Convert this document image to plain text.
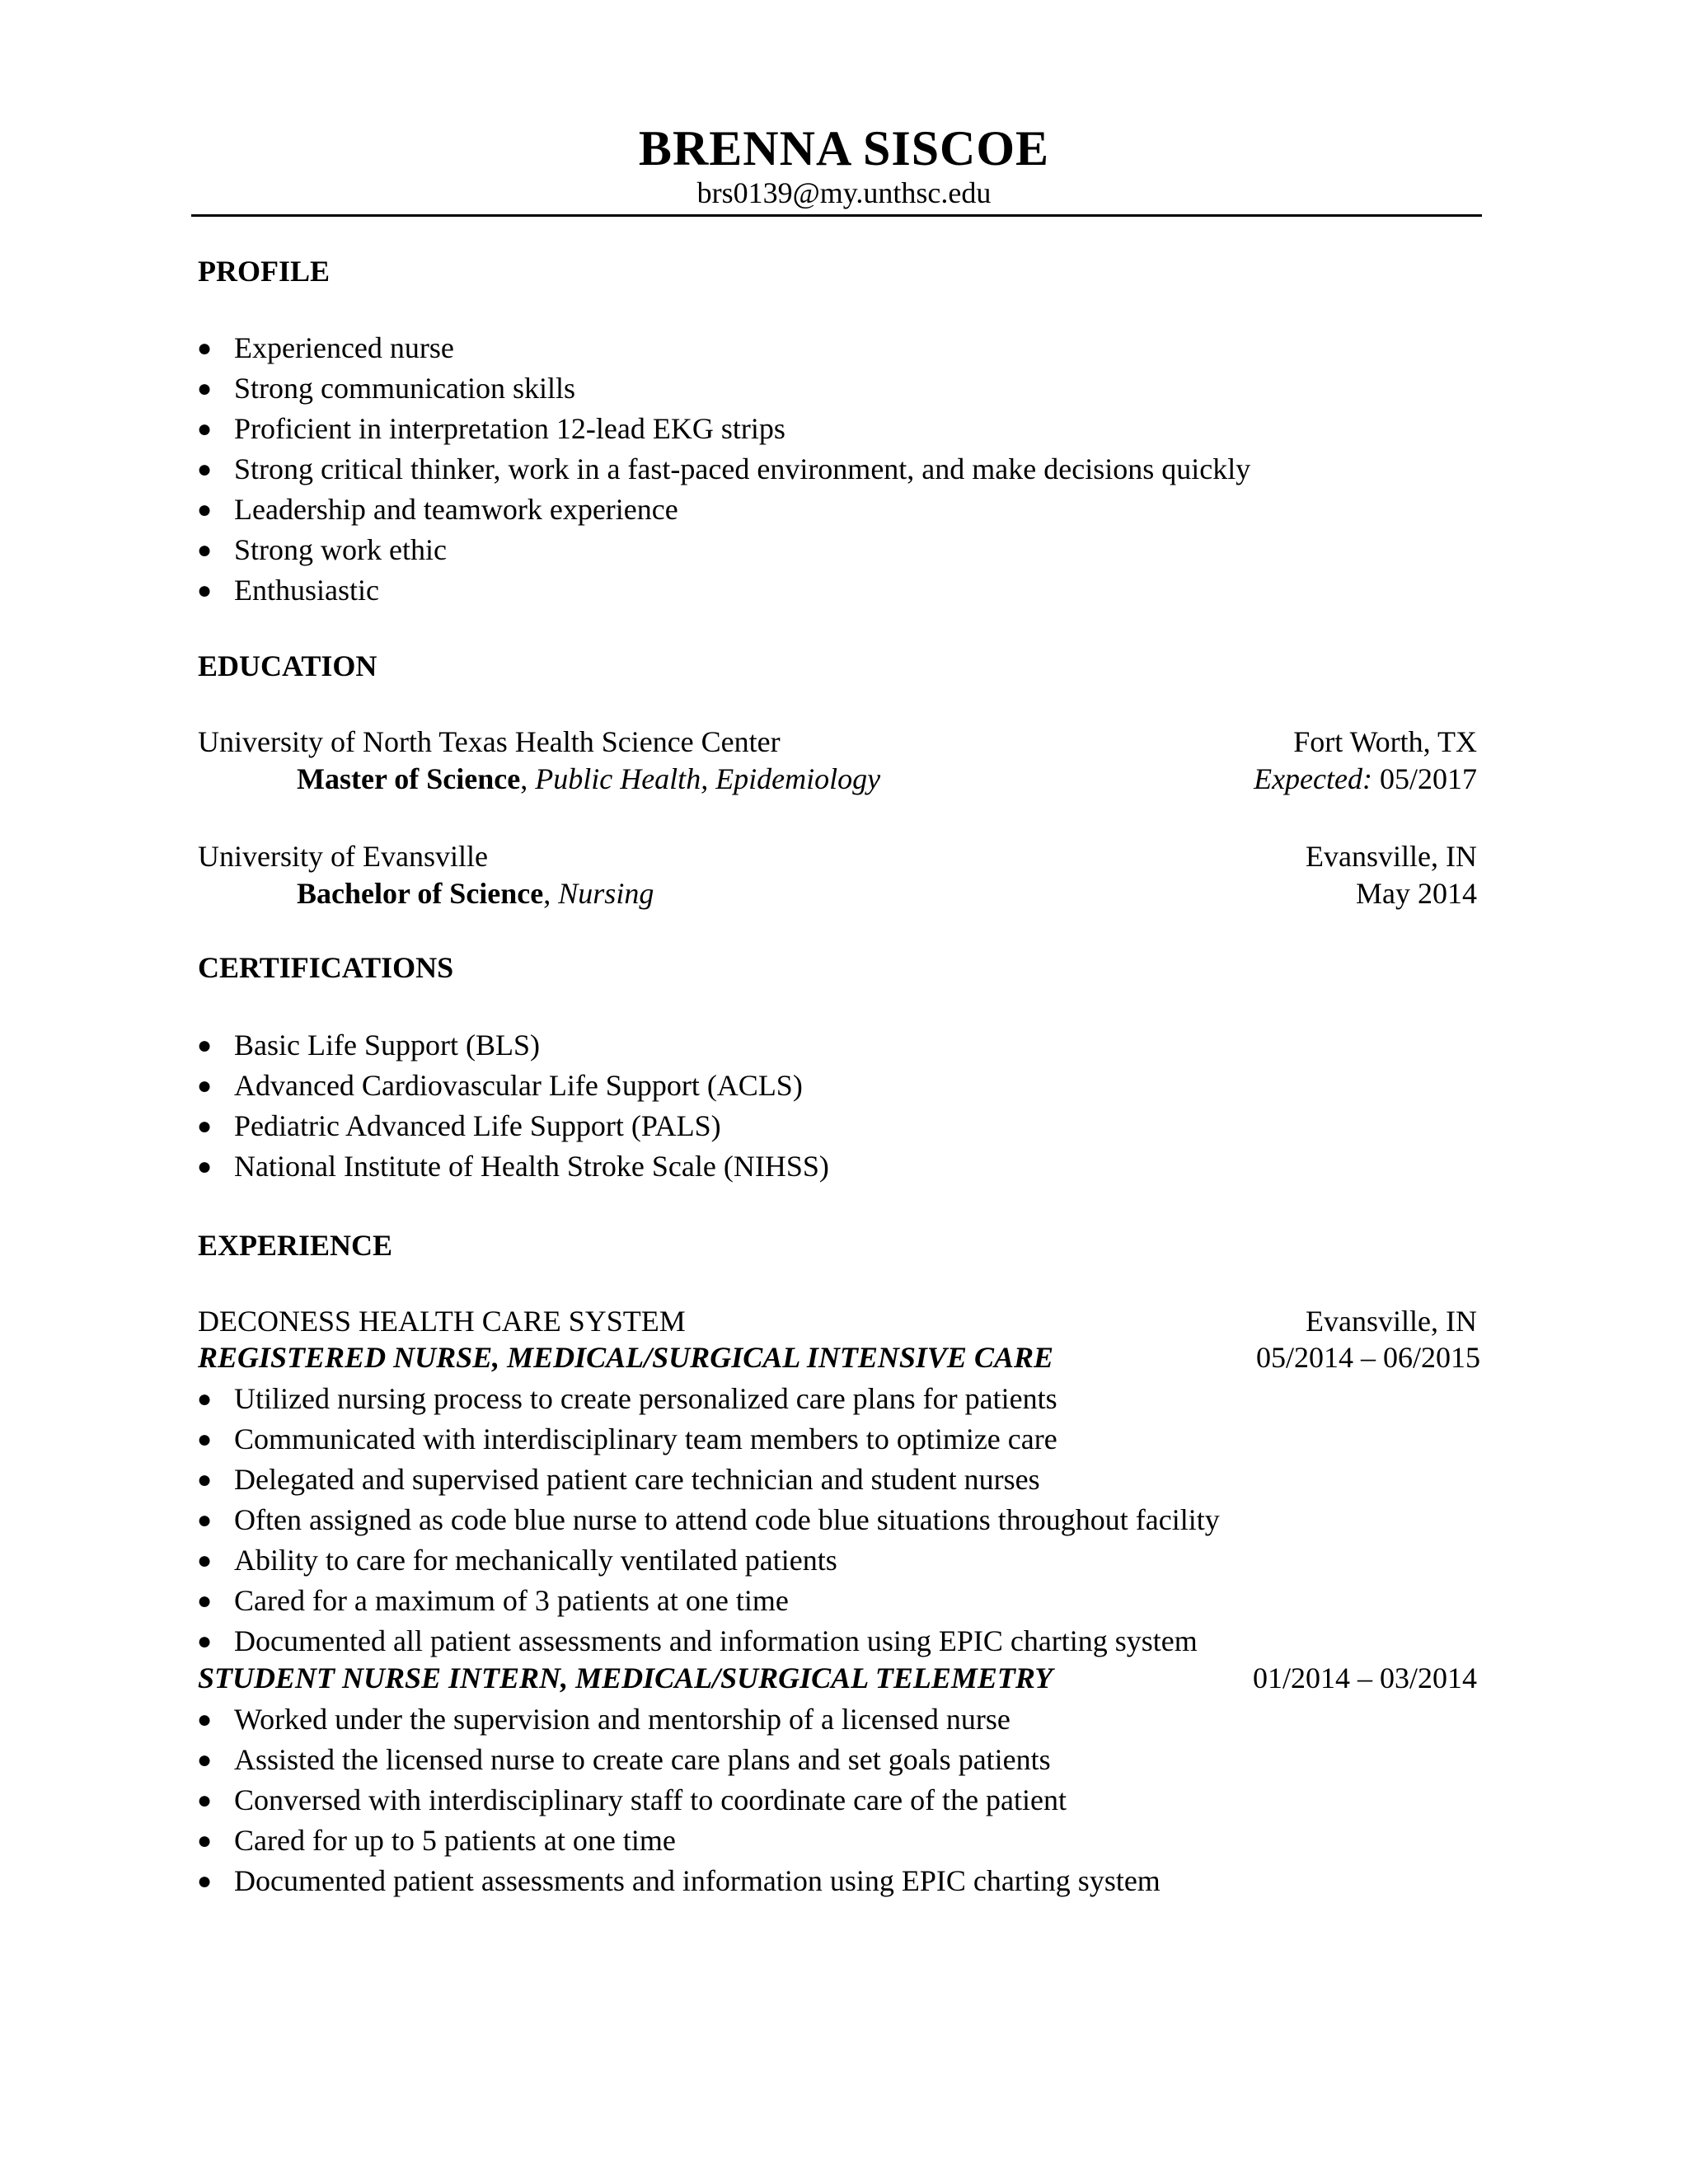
BRENNA SISCOE
brs0139@my.unthsc.edu
PROFILE
● Experienced nurse
● Strong communication skills
● Proficient in interpretation 12-lead EKG strips
● Strong critical thinker, work in a fast-paced environment, and make decisions quickly
● Leadership and teamwork experience
● Strong work ethic
● Enthusiastic
EDUCATION
University of North Texas Health Science Center	Fort Worth, TX
Master of Science, Public Health, Epidemiology	Expected: 05/2017
University of Evansville	Evansville, IN
Bachelor of Science, Nursing	May 2014
CERTIFICATIONS
● Basic Life Support (BLS)
● Advanced Cardiovascular Life Support (ACLS)
● Pediatric Advanced Life Support (PALS)
● National Institute of Health Stroke Scale (NIHSS)
EXPERIENCE
DECONESS HEALTH CARE SYSTEM	Evansville, IN
REGISTERED NURSE, MEDICAL/SURGICAL INTENSIVE CARE	05/2014 – 06/2015
● Utilized nursing process to create personalized care plans for patients
● Communicated with interdisciplinary team members to optimize care
● Delegated and supervised patient care technician and student nurses
● Often assigned as code blue nurse to attend code blue situations throughout facility
● Ability to care for mechanically ventilated patients
● Cared for a maximum of 3 patients at one time
● Documented all patient assessments and information using EPIC charting system
STUDENT NURSE INTERN, MEDICAL/SURGICAL TELEMETRY	01/2014 – 03/2014
● Worked under the supervision and mentorship of a licensed nurse
● Assisted the licensed nurse to create care plans and set goals patients
● Conversed with interdisciplinary staff to coordinate care of the patient
● Cared for up to 5 patients at one time
● Documented patient assessments and information using EPIC charting system
